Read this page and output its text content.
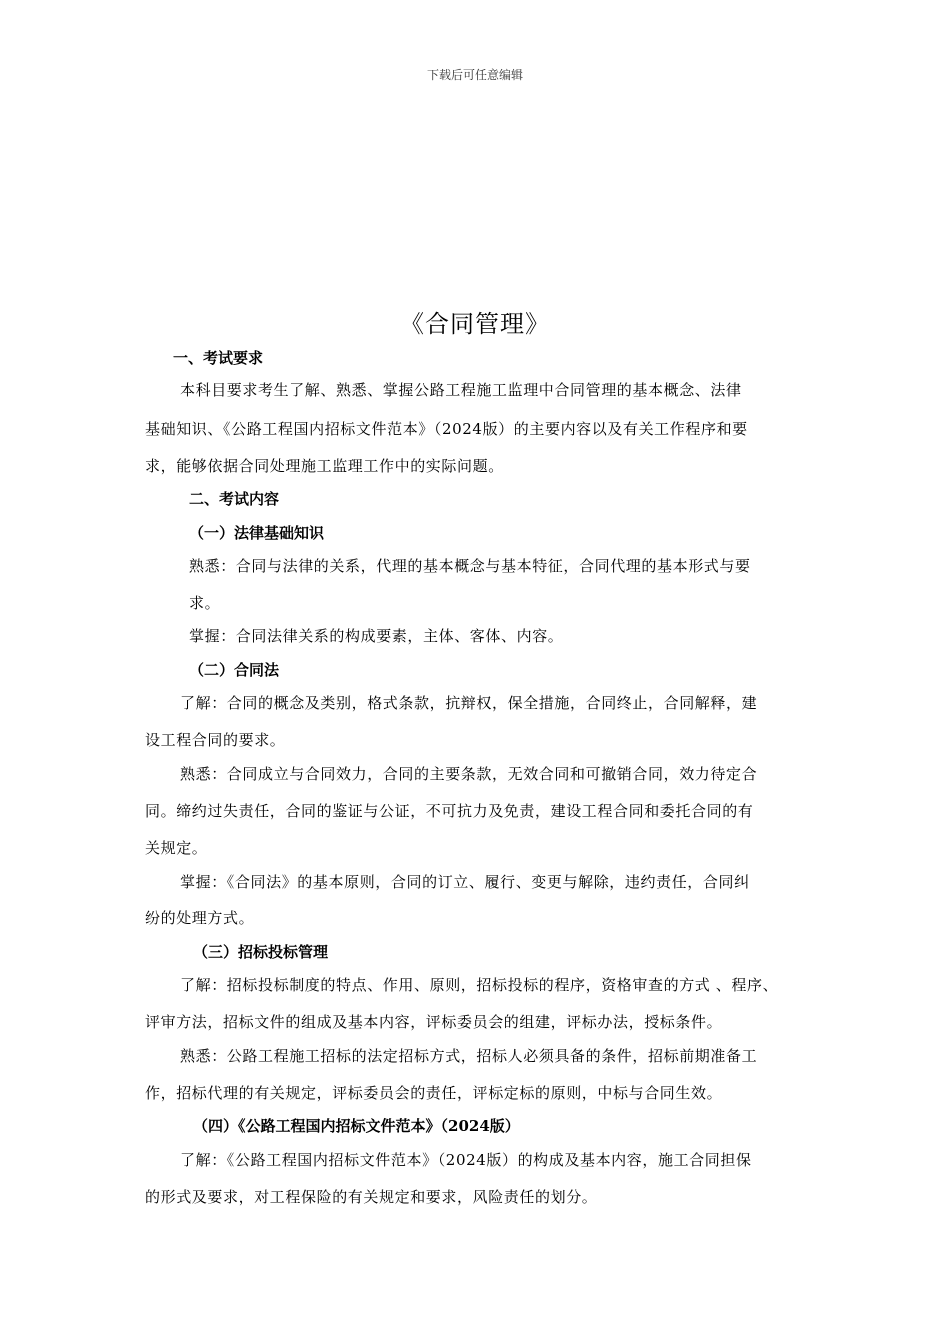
下载后可任意编辑
《合同管理》
一、考试要求
本科目要求考生了解、熟悉、掌握公路工程施工监理中合同管理的基本概念、法律
基础知识、《公路工程国内招标文件范本》（2024版）的主要内容以及有关工作程序和要
求，能够依据合同处理施工监理工作中的实际问题。
二、考试内容
（一）法律基础知识
熟悉：合同与法律的关系，代理的基本概念与基本特征，合同代理的基本形式与要
求。
掌握：合同法律关系的构成要素，主体、客体、内容。
（二）合同法
了解：合同的概念及类别，格式条款，抗辩权，保全措施，合同终止，合同解释，建
设工程合同的要求。
熟悉：合同成立与合同效力，合同的主要条款，无效合同和可撤销合同，效力待定合
同。缔约过失责任，合同的鉴证与公证，不可抗力及免责，建设工程合同和委托合同的有
关规定。
掌握：《合同法》的基本原则，合同的订立、履行、变更与解除，违约责任，合同纠
纷的处理方式。
（三）招标投标管理
了解：招标投标制度的特点、作用、原则，招标投标的程序，资格审查的方式 、程序、
评审方法，招标文件的组成及基本内容，评标委员会的组建，评标办法，授标条件。
熟悉：公路工程施工招标的法定招标方式，招标人必须具备的条件，招标前期准备工
作，招标代理的有关规定，评标委员会的责任，评标定标的原则，中标与合同生效。
（四）《公路工程国内招标文件范本》（2024版）
了解：《公路工程国内招标文件范本》（2024版）的构成及基本内容，施工合同担保
的形式及要求，对工程保险的有关规定和要求，风险责任的划分。
